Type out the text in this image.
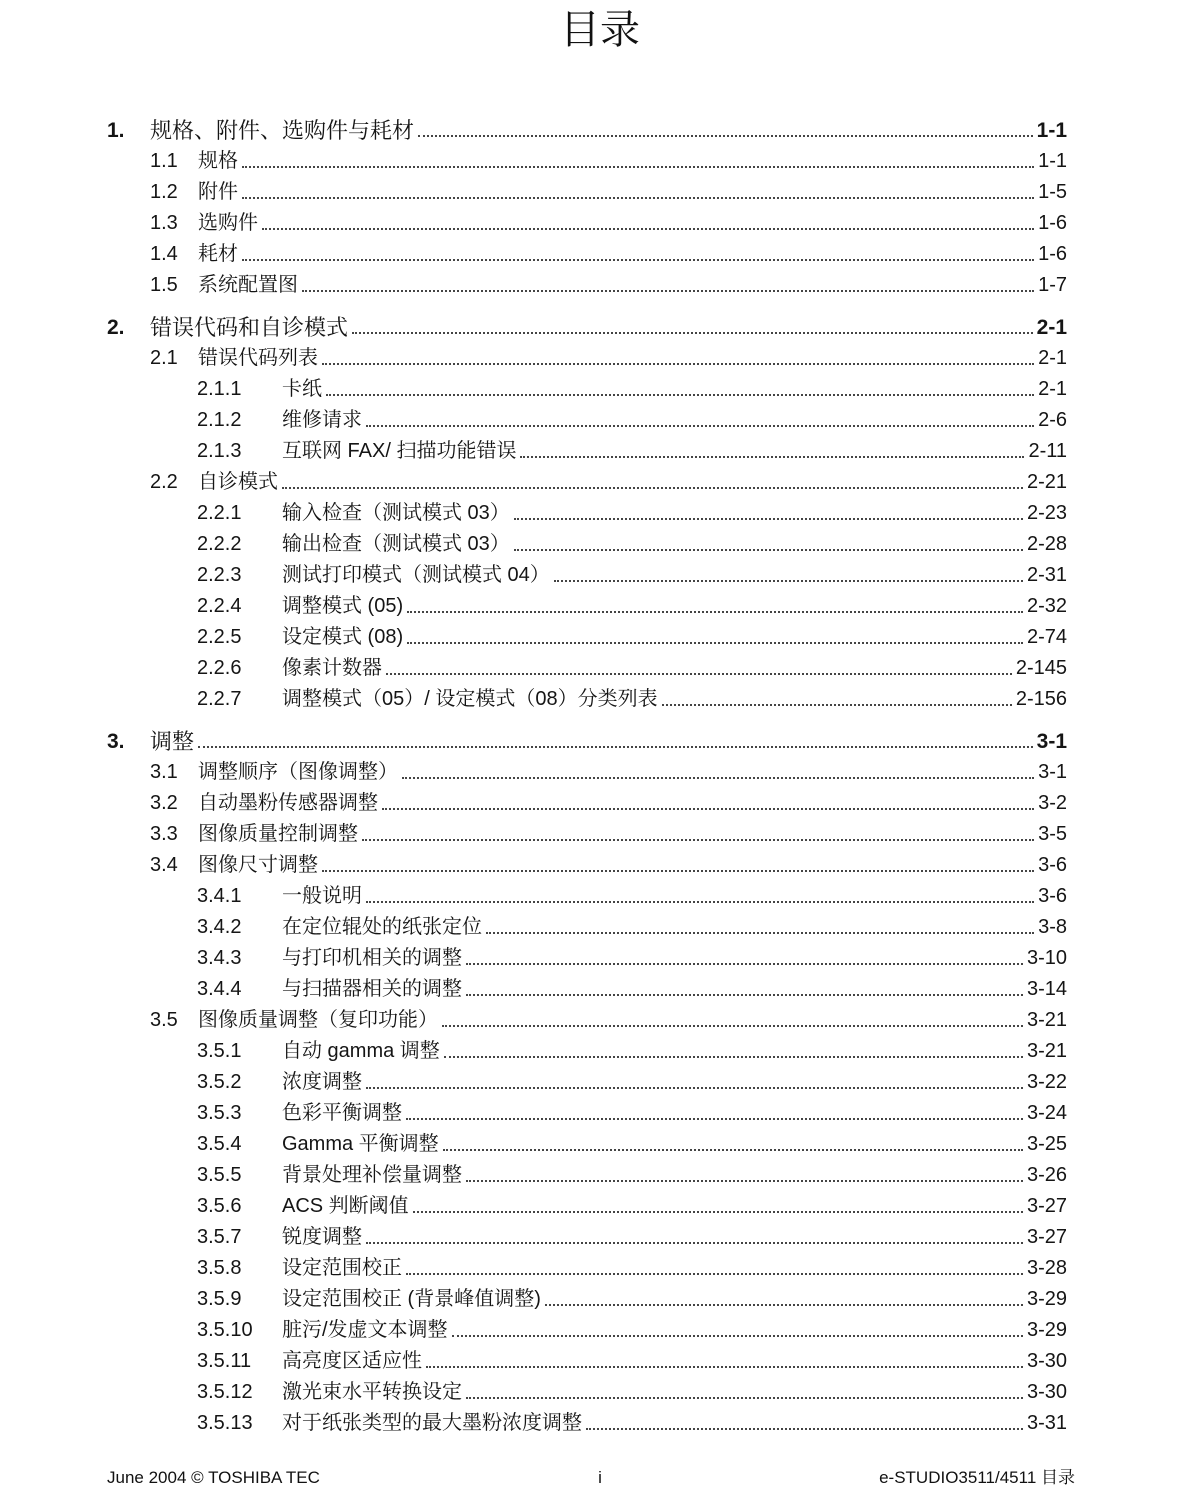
目录
1.	规格、附件、选购件与耗材	1-1
1.1	规格	1-1
1.2	附件	1-5
1.3	选购件	1-6
1.4	耗材	1-6
1.5	系统配置图	1-7
2.	错误代码和自诊模式	2-1
2.1	错误代码列表	2-1
2.1.1	卡纸	2-1
2.1.2	维修请求	2-6
2.1.3	互联网 FAX/ 扫描功能错误	2-11
2.2	自诊模式	2-21
2.2.1	输入检查（测试模式 03）	2-23
2.2.2	输出检查（测试模式 03）	2-28
2.2.3	测试打印模式（测试模式 04）	2-31
2.2.4	调整模式 (05)	2-32
2.2.5	设定模式 (08)	2-74
2.2.6	像素计数器	2-145
2.2.7	调整模式（05）/ 设定模式（08）分类列表	2-156
3.	调整	3-1
3.1	调整顺序（图像调整）	3-1
3.2	自动墨粉传感器调整	3-2
3.3	图像质量控制调整	3-5
3.4	图像尺寸调整	3-6
3.4.1	一般说明	3-6
3.4.2	在定位辊处的纸张定位	3-8
3.4.3	与打印机相关的调整	3-10
3.4.4	与扫描器相关的调整	3-14
3.5	图像质量调整（复印功能）	3-21
3.5.1	自动 gamma 调整	3-21
3.5.2	浓度调整	3-22
3.5.3	色彩平衡调整	3-24
3.5.4	Gamma 平衡调整	3-25
3.5.5	背景处理补偿量调整	3-26
3.5.6	ACS 判断阈值	3-27
3.5.7	锐度调整	3-27
3.5.8	设定范围校正	3-28
3.5.9	设定范围校正 (背景峰值调整)	3-29
3.5.10	脏污/发虚文本调整	3-29
3.5.11	高亮度区适应性	3-30
3.5.12	激光束水平转换设定	3-30
3.5.13	对于纸张类型的最大墨粉浓度调整	3-31
June 2004 © TOSHIBA TEC	i	e-STUDIO3511/4511 目录
